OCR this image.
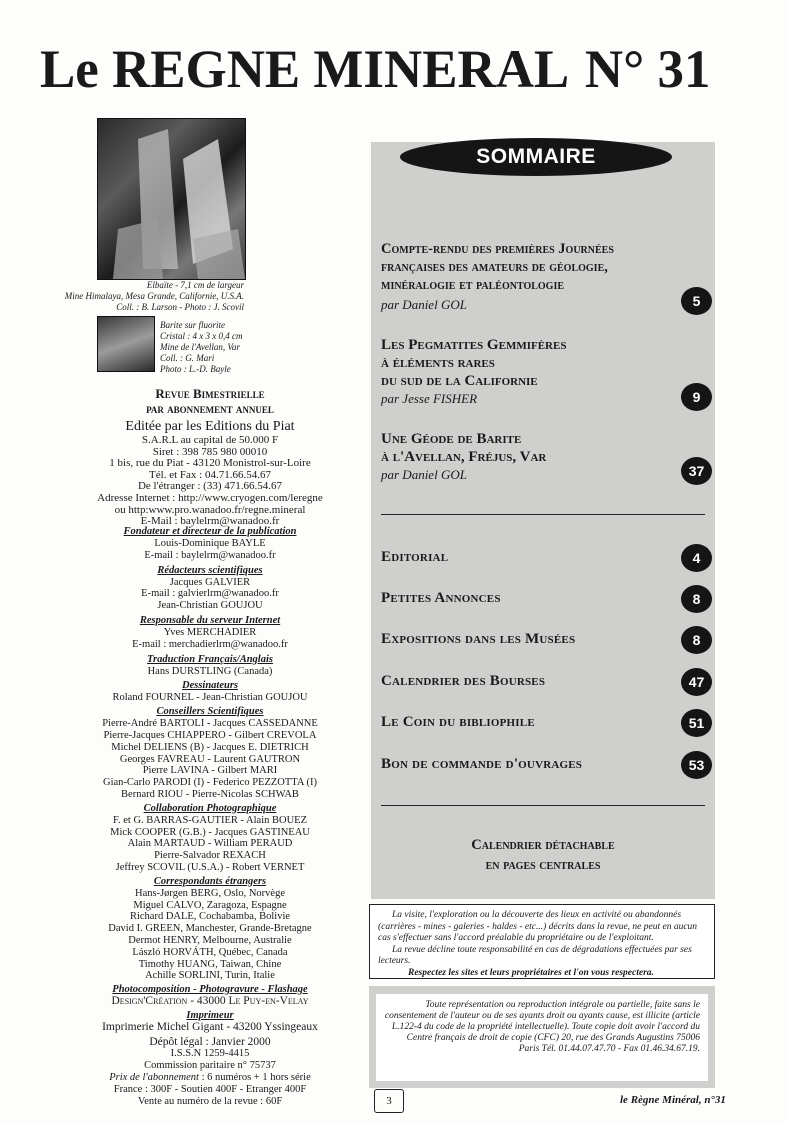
Le REGNE MINERAL N° 31
Elbaïte - 7,1 cm de largeur
Mine Himalaya, Mesa Grande, Californie, U.S.A.
Coll. : B. Larson - Photo : J. Scovil
Barite sur fluorite
Cristal : 4 x 3 x 0,4 cm
Mine de l'Avellan, Var
Coll. : G. Mari
Photo : L.-D. Bayle
Revue Bimestrielle
par abonnement annuel
Editée par les Editions du Piat
S.A.R.L au capital de 50.000 F
Siret : 398 785 980 00010
1 bis, rue du Piat - 43120 Monistrol-sur-Loire
Tél. et Fax : 04.71.66.54.67
De l'étranger : (33) 471.66.54.67
Adresse Internet : http://www.cryogen.com/leregne
ou http:www.pro.wanadoo.fr/regne.mineral
E-Mail : baylelrm@wanadoo.fr
Fondateur et directeur de la publication
Louis-Dominique BAYLE
E-mail : baylelrm@wanadoo.fr
Rédacteurs scientifiques
Jacques GALVIER
E-mail : galvierlrm@wanadoo.fr
Jean-Christian GOUJOU
Responsable du serveur Internet
Yves MERCHADIER
E-mail : merchadierlrm@wanadoo.fr
Traduction Français/Anglais
Hans DURSTLING (Canada)
Dessinateurs
Roland FOURNEL - Jean-Christian GOUJOU
Conseillers Scientifiques
Pierre-André BARTOLI - Jacques CASSEDANNE
Pierre-Jacques CHIAPPERO - Gilbert CREVOLA
Michel DELIENS (B) - Jacques E. DIETRICH
Georges FAVREAU - Laurent GAUTRON
Pierre LAVINA - Gilbert MARI
Gian-Carlo PARODI (I) - Federico PEZZOTTA (I)
Bernard RIOU - Pierre-Nicolas SCHWAB
Collaboration Photographique
F. et G. BARRAS-GAUTIER - Alain BOUEZ
Mick COOPER (G.B.) - Jacques GASTINEAU
Alain MARTAUD - William PERAUD
Pierre-Salvador REXACH
Jeffrey SCOVIL (U.S.A.) - Robert VERNET
Correspondants étrangers
Hans-Jørgen BERG, Oslo, Norvège
Miguel CALVO, Zaragoza, Espagne
Richard DALE, Cochabamba, Bolivie
David I. GREEN, Manchester, Grande-Bretagne
Dermot HENRY, Melbourne, Australie
László HORVÁTH, Québec, Canada
Timothy HUANG, Taiwan, Chine
Achille SORLINI, Turin, Italie
Photocomposition - Photogravure - Flashage
Design'Création - 43000 Le Puy-en-Velay
Imprimeur
Imprimerie Michel Gigant - 43200 Yssingeaux
Dépôt légal : Janvier 2000
I.S.S.N 1259-4415
Commission paritaire n° 75737
Prix de l'abonnement : 6 numéros + 1 hors série
France : 300F - Soutien 400F - Etranger 400F
Vente au numéro de la revue : 60F
SOMMAIRE
Compte-rendu des premières Journées
françaises des amateurs de géologie,
minéralogie et paléontologie
par Daniel GOL	5
Les Pegmatites Gemmifères
à éléments rares
du sud de la Californie
par Jesse FISHER	9
Une Géode de Barite
à l'Avellan, Fréjus, Var
par Daniel GOL	37
Editorial	4
Petites Annonces	8
Expositions dans les Musées	8
Calendrier des Bourses	47
Le Coin du bibliophile	51
Bon de commande d'ouvrages	53
Calendrier détachable
en pages centrales
La visite, l'exploration ou la découverte des lieux en activité ou abandonnés (carrières - mines - galeries - haldes - etc...) décrits dans la revue, ne peut en aucun cas s'effectuer sans l'accord préalable du propriétaire ou de l'exploitant.
La revue décline toute responsabilité en cas de dégradations effectuées par ses lecteurs.
Respectez les sites et leurs propriétaires et l'on vous respectera.
Toute représentation ou reproduction intégrale ou partielle, faite sans le consentement de l'auteur ou de ses ayants droit ou ayants cause, est illicite (article L.122-4 du code de la propriété intellectuelle). Toute copie doit avoir l'accord du Centre français de droit de copie (CFC) 20, rue des Grands Augustins 75006 Paris Tél. 01.44.07.47.70 - Fax 01.46.34.67.19.
3	le Règne Minéral, n°31
